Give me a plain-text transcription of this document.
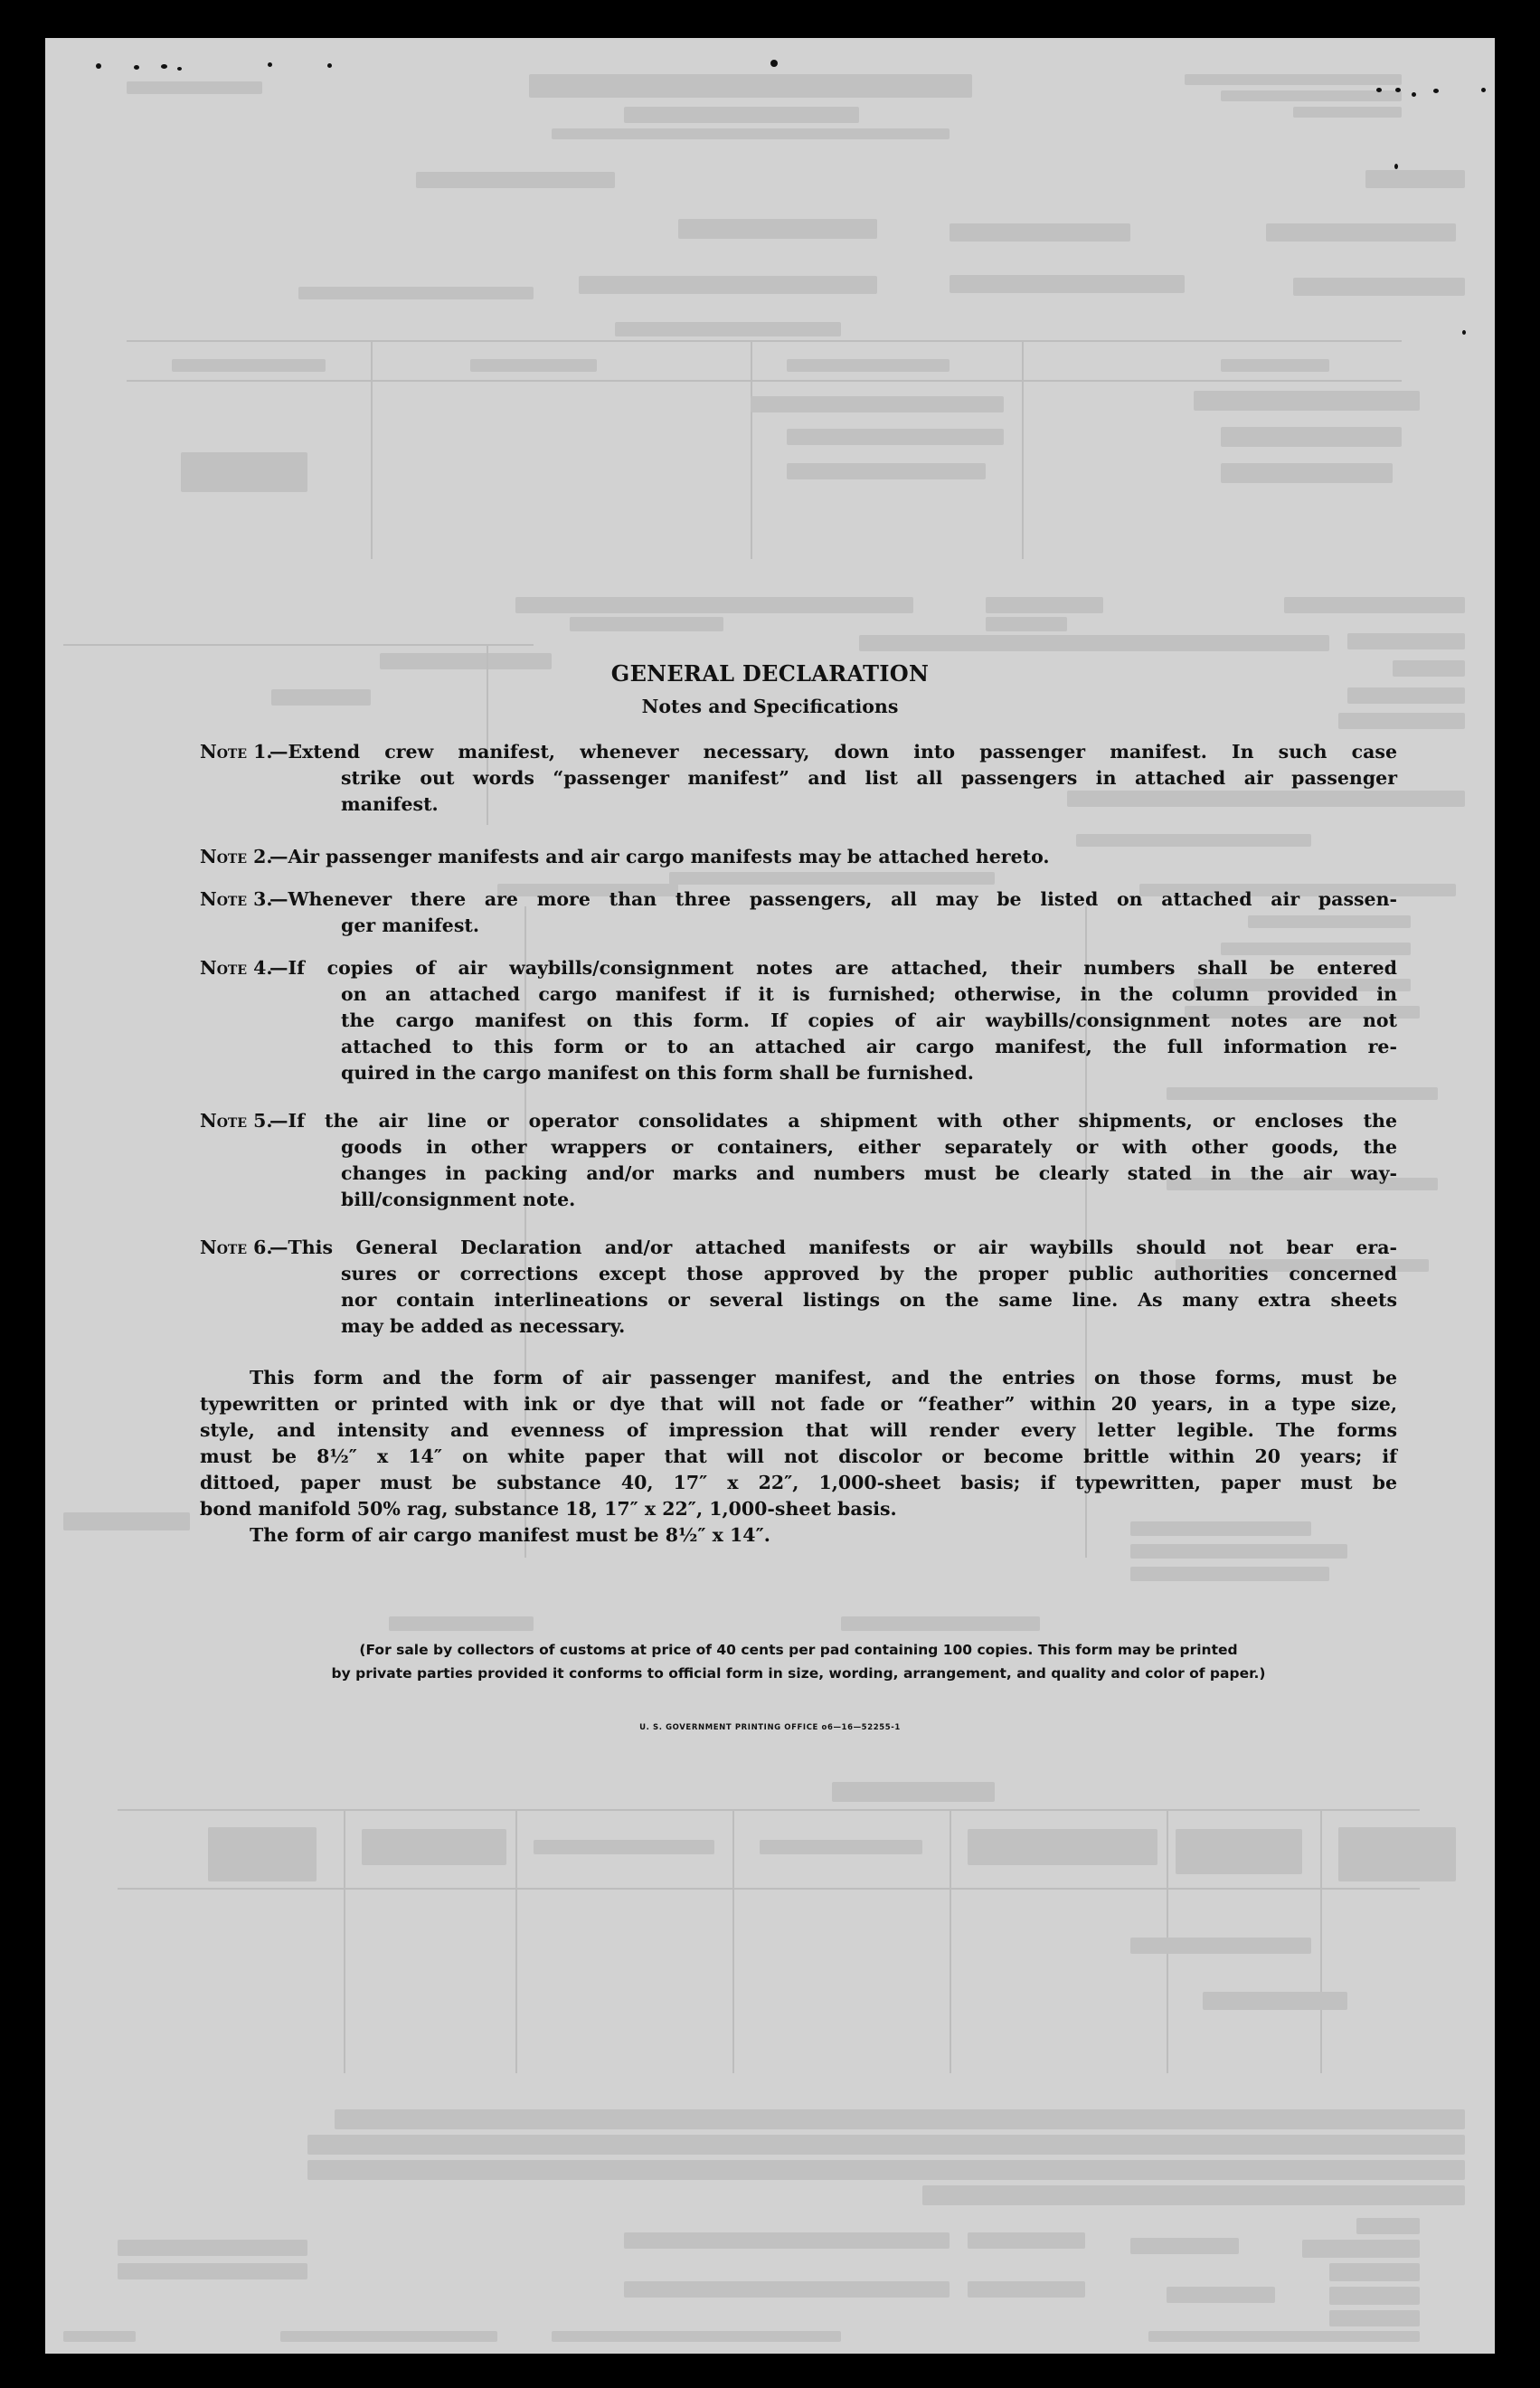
GENERAL DECLARATION
Notes and Specifications
Note 1.
—Extend crew manifest, whenever necessary, down into passenger manifest. In such case
strike out words “passenger manifest” and list all passengers in attached air passenger
manifest.
Note 2.
—Air passenger manifests and air cargo manifests may be attached hereto.
Note 3.
—Whenever there are more than three passengers, all may be listed on attached air passen-
ger manifest.
Note 4.
—If copies of air waybills/consignment notes are attached, their numbers shall be entered
on an attached cargo manifest if it is furnished; otherwise, in the column provided in
the cargo manifest on this form. If copies of air waybills/consignment notes are not
attached to this form or to an attached air cargo manifest, the full information re-
quired in the cargo manifest on this form shall be furnished.
Note 5.
—If the air line or operator consolidates a shipment with other shipments, or encloses the
goods in other wrappers or containers, either separately or with other goods, the
changes in packing and/or marks and numbers must be clearly stated in the air way-
bill/consignment note.
Note 6.
—This General Declaration and/or attached manifests or air waybills should not bear era-
sures or corrections except those approved by the proper public authorities concerned
nor contain interlineations or several listings on the same line. As many extra sheets
may be added as necessary.
This form and the form of air passenger manifest, and the entries on those forms, must be
typewritten or printed with ink or dye that will not fade or “feather” within 20 years, in a type size,
style, and intensity and evenness of impression that will render every letter legible. The forms
must be 8½″ x 14″ on white paper that will not discolor or become brittle within 20 years; if
dittoed, paper must be substance 40, 17″ x 22″, 1,000-sheet basis; if typewritten, paper must be
bond manifold 50% rag, substance 18, 17″ x 22″, 1,000-sheet basis.
The form of air cargo manifest must be 8½″ x 14″.
(For sale by collectors of customs at price of 40 cents per pad containing 100 copies. This form may be printed
by private parties provided it conforms to official form in size, wording, arrangement, and quality and color of paper.)
U. S. GOVERNMENT PRINTING OFFICE o6—16—52255-1
